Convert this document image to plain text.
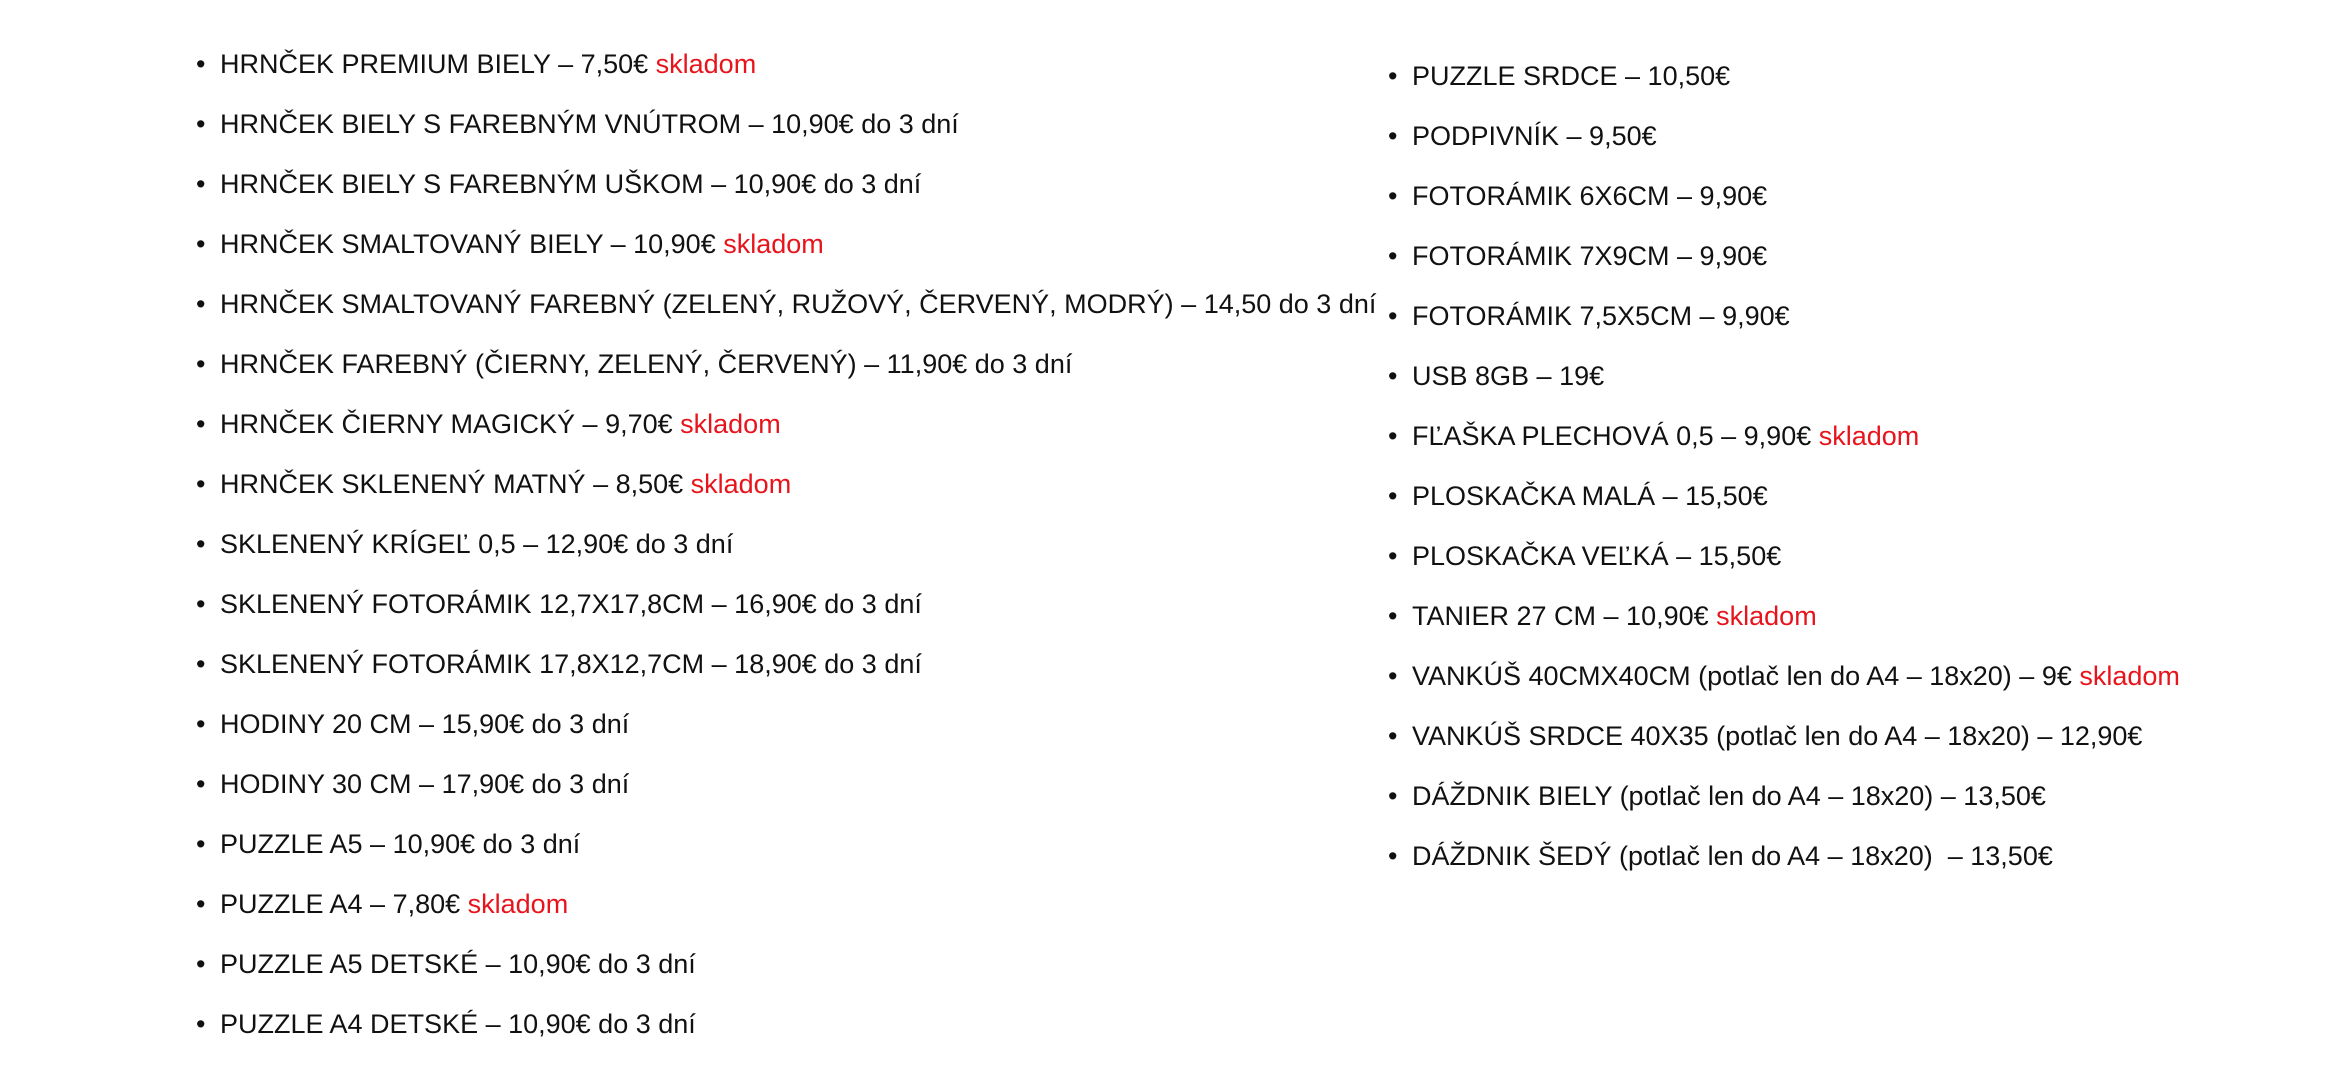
• HRNČEK PREMIUM BIELY – 7,50€ skladom
• HRNČEK BIELY S FAREBNÝM VNÚTROM – 10,90€ do 3 dní
• HRNČEK BIELY S FAREBNÝM UŠKOM – 10,90€ do 3 dní
• HRNČEK SMALTOVANÝ BIELY – 10,90€ skladom
• HRNČEK SMALTOVANÝ FAREBNÝ (ZELENÝ, RUŽOVÝ, ČERVENÝ, MODRÝ) – 14,50 do 3 dní
• HRNČEK FAREBNÝ (ČIERNY, ZELENÝ, ČERVENÝ) – 11,90€ do 3 dní
• HRNČEK ČIERNY MAGICKÝ – 9,70€ skladom
• HRNČEK SKLENENÝ MATNÝ – 8,50€ skladom
• SKLENENÝ KRÍGEĽ 0,5 – 12,90€ do 3 dní
• SKLENENÝ FOTORÁMIK 12,7X17,8CM – 16,90€ do 3 dní
• SKLENENÝ FOTORÁMIK 17,8X12,7CM – 18,90€ do 3 dní
• HODINY 20 CM – 15,90€ do 3 dní
• HODINY 30 CM – 17,90€ do 3 dní
• PUZZLE A5 – 10,90€ do 3 dní
• PUZZLE A4 – 7,80€ skladom
• PUZZLE A5 DETSKÉ – 10,90€ do 3 dní
• PUZZLE A4 DETSKÉ – 10,90€ do 3 dní
• PUZZLE SRDCE – 10,50€
• PODPIVNÍK – 9,50€
• FOTORÁMIK 6X6CM – 9,90€
• FOTORÁMIK 7X9CM – 9,90€
• FOTORÁMIK 7,5X5CM – 9,90€
• USB 8GB – 19€
• FĽAŠKA PLECHOVÁ 0,5 – 9,90€ skladom
• PLOSKAČKA MALÁ – 15,50€
• PLOSKAČKA VEĽKÁ – 15,50€
• TANIER 27 CM – 10,90€ skladom
• VANKÚŠ 40CMX40CM (potlač len do A4 – 18x20) – 9€ skladom
• VANKÚŠ SRDCE 40X35 (potlač len do A4 – 18x20) – 12,90€
• DÁŽDNIK BIELY (potlač len do A4 – 18x20) – 13,50€
• DÁŽDNIK ŠEDÝ (potlač len do A4 – 18x20)  – 13,50€
